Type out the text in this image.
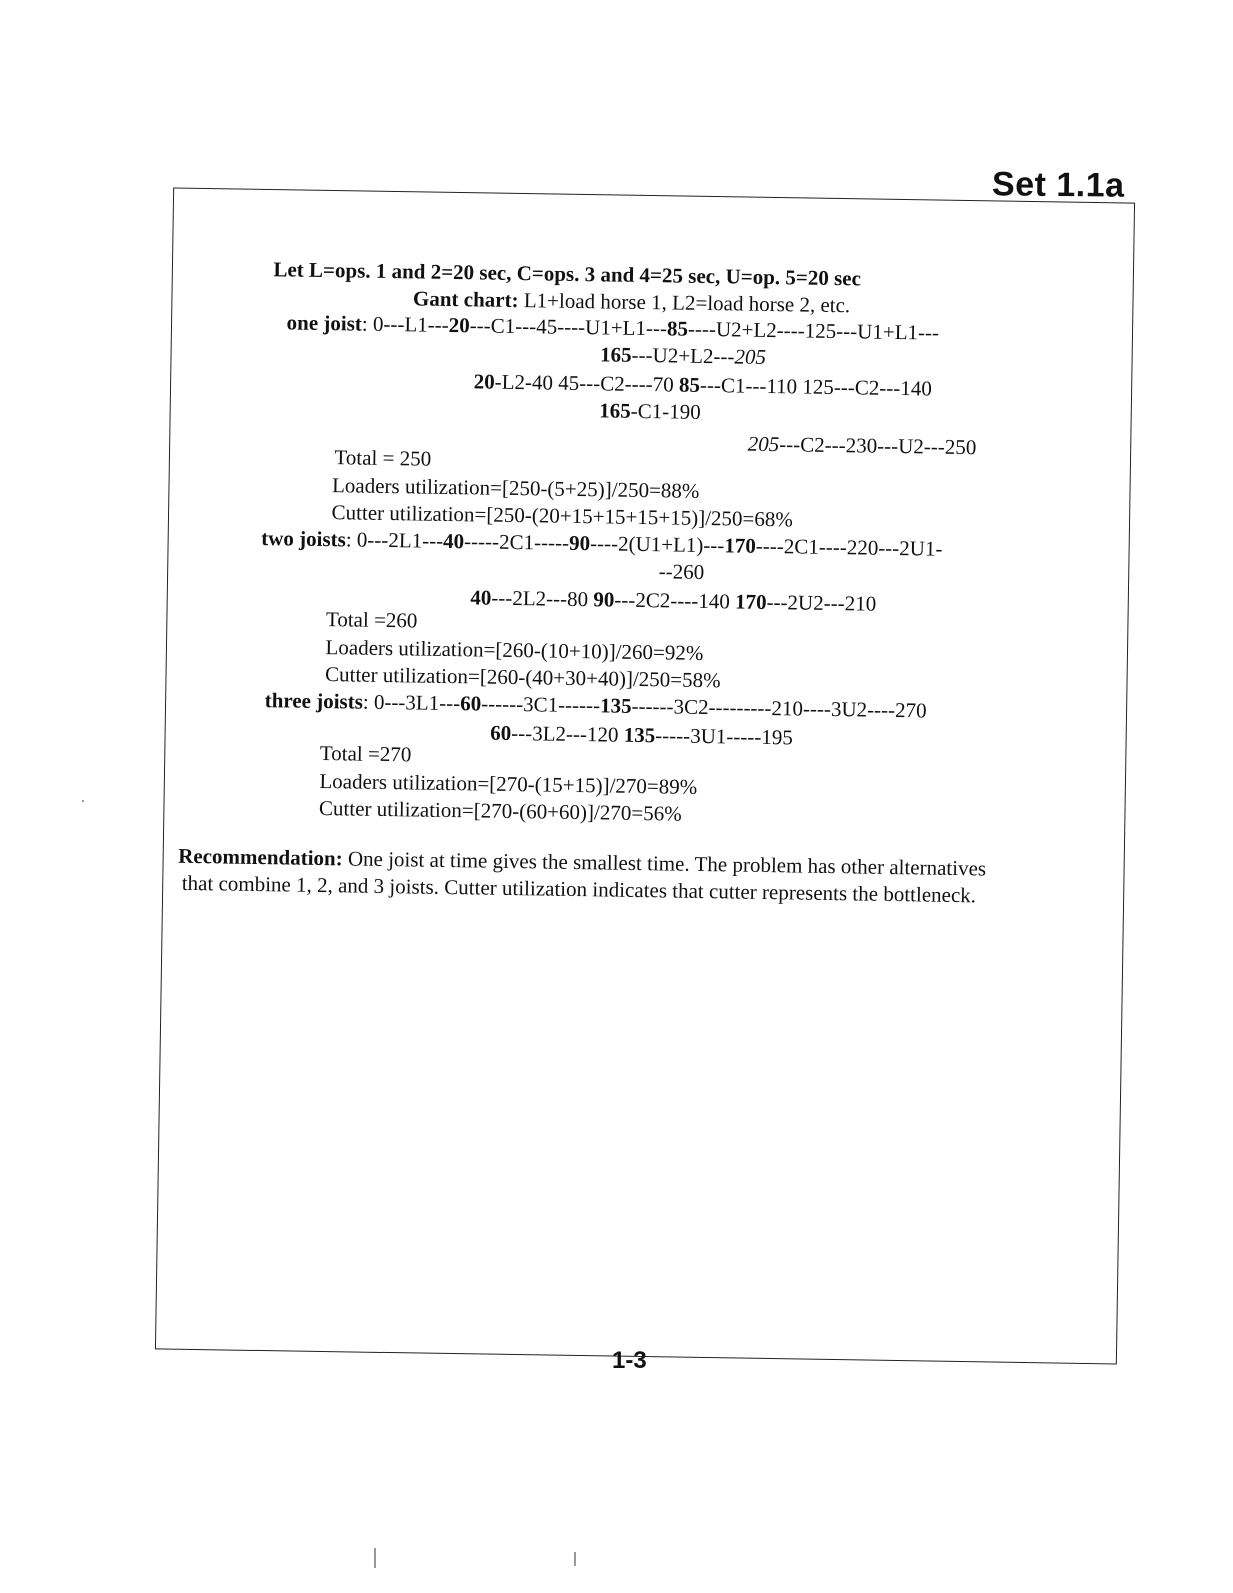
Set 1.1a
Let L=ops. 1 and 2=20 sec, C=ops. 3 and 4=25 sec, U=op. 5=20 sec
Gant chart: L1+load horse 1, L2=load horse 2, etc.
one joist: 0---L1---20---C1---45----U1+L1---85----U2+L2----125---U1+L1---
165---U2+L2---205
20-L2-40 45---C2----70 85---C1---110 125---C2---140
165-C1-190
205---C2---230---U2---250
Total = 250
Loaders utilization=[250-(5+25)]/250=88%
Cutter utilization=[250-(20+15+15+15+15)]/250=68%
two joists: 0---2L1---40-----2C1-----90----2(U1+L1)---170----2C1----220---2U1-
--260
40---2L2---80 90---2C2----140 170---2U2---210
Total =260
Loaders utilization=[260-(10+10)]/260=92%
Cutter utilization=[260-(40+30+40)]/250=58%
three joists: 0---3L1---60------3C1------135------3C2---------210----3U2----270
60---3L2---120 135-----3U1-----195
Total =270
Loaders utilization=[270-(15+15)]/270=89%
Cutter utilization=[270-(60+60)]/270=56%
Recommendation: One joist at time gives the smallest time. The problem has other alternatives
that combine 1, 2, and 3 joists. Cutter utilization indicates that cutter represents the bottleneck.
1-3
